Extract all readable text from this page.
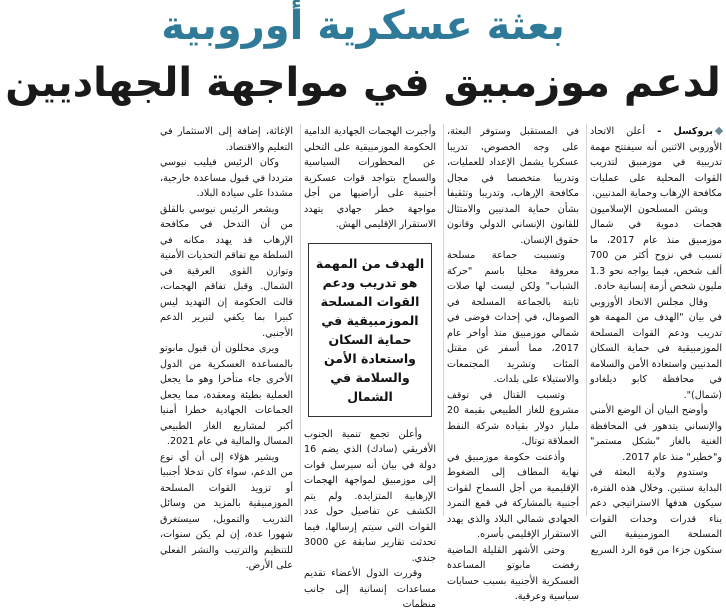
بعثة عسكرية أوروبية
لدعم موزمبيق في مواجهة الجهاديين

بروكسل - أعلن الاتحاد الأوروبي الاثنين أنه سيفتتح مهمة تدريبية في موزمبيق لتدريب القوات المحلية على عمليات مكافحة الإرهاب وحماية المدنيين.

ويشن المسلحون الإسلاميون هجمات دموية في شمال موزمبيق منذ عام 2017، ما تسبب في نزوح أكثر من 700 ألف شخص، فيما يواجه نحو 1.3 مليون شخص أزمة إنسانية حادة.

وقال مجلس الاتحاد الأوروبي في بيان "الهدف من المهمة هو تدريب ودعم القوات المسلحة الموزمبيقية في حماية السكان المدنيين واستعادة الأمن والسلامة في محافظة كابو ديلغادو (شمال)".

وأوضح البيان أن الوضع الأمني والإنساني يتدهور في المحافظة الغنية بالغاز "بشكل مستمر" و"خطير" منذ عام 2017.

وستدوم ولاية البعثة في البداية سنتين. وخلال هذه الفترة، سيكون هدفها الاستراتيجي دعم بناء قدرات وحدات القوات المسلحة الموزمبيقية التي ستكون جزءا من قوة الرد السريع

في المستقبل وستوفر البعثة، على وجه الخصوص، تدريبا عسكريا يشمل الإعداد للعمليات، وتدريبا متخصصا في مجال مكافحة الإرهاب، وتدريبا وتثقيفا بشأن حماية المدنيين والامتثال للقانون الإنساني الدولي وقانون حقوق الإنسان.

وتسببت جماعة مسلحة معروفة محليا باسم "حركة الشباب" ولكن ليست لها صلات ثابتة بالجماعة المسلحة في الصومال، في إحداث فوضى في شمالي موزمبيق منذ أواخر عام 2017، مما أسفر عن مقتل المئات وتشريد المجتمعات والاستيلاء على بلدات.

وتسبب القتال في توقف مشروع للغاز الطبيعي بقيمة 20 مليار دولار بقيادة شركة النفط العملاقة توتال.

وأذعنت حكومة موزمبيق في نهاية المطاف إلى الضغوط الإقليمية من أجل السماح لقوات أجنبية بالمشاركة في قمع التمرد الجهادي شمالي البلاد والذي يهدد الاستقرار الإقليمي بأسره.

وحتى الأشهر القليلة الماضية رفضت مابوتو المساعدة العسكرية الأجنبية بسبب حسابات سياسية وعرقية.

وأجبرت الهجمات الجهادية الدامية الحكومة الموزمبيقية على التخلي عن المحظورات السياسية والسماح بتواجد قوات عسكرية أجنبية على أراضيها من أجل مواجهة خطر جهادي يتهدد الاستقرار الإقليمي الهش.

الهدف من المهمة هو تدريب ودعم القوات المسلحة الموزمبيقية في حماية السكان واستعادة الأمن والسلامة في الشمال

وأعلن تجمع تنمية الجنوب الأفريقي (سادك) الذي يضم 16 دولة في بيان أنه سيرسل قوات إلى موزمبيق لمواجهة الهجمات الإرهابية المتزايدة. ولم يتم الكشف عن تفاصيل حول عدد القوات التي سيتم إرسالها، فيما تحدثت تقارير سابقة عن 3000 جندي.

وقررت الدول الأعضاء تقديم مساعدات إنسانية إلى جانب منظمات

الإغاثة، إضافة إلى الاستثمار في التعليم والاقتصاد.

وكان الرئيس فيليب نيوسي مترددا في قبول مساعدة خارجية، مشددا على سيادة البلاد.

ويشعر الرئيس نيوسي بالقلق من أن التدخل في مكافحة الإرهاب قد يهدد مكانه في السلطة مع تفاقم التحديات الأمنية وتوازن القوى العرقية في الشمال. وقبل تفاقم الهجمات، قالت الحكومة إن التهديد ليس كبيرا بما يكفي لتبرير الدعم الأجنبي.

ويرى محللون أن قبول مابوتو بالمساعدة العسكرية من الدول الأخرى جاء متأخرا وهو ما يجعل العملية بطيئة ومعقدة، مما يجعل الجماعات الجهادية خطرا أمنيا أكبر لمشاريع الغاز الطبيعي المسال والمالية في عام 2021.

ويشير هؤلاء إلى أن أي نوع من الدعم، سواء كان تدخلا أجنبيا أو تزويد القوات المسلحة الموزمبيقية بالمزيد من وسائل التدريب والتمويل، سيستغرق شهورا عدة، إن لم يكن سنوات، للتنظيم والترتيب والنشر الفعلي على الأرض.
